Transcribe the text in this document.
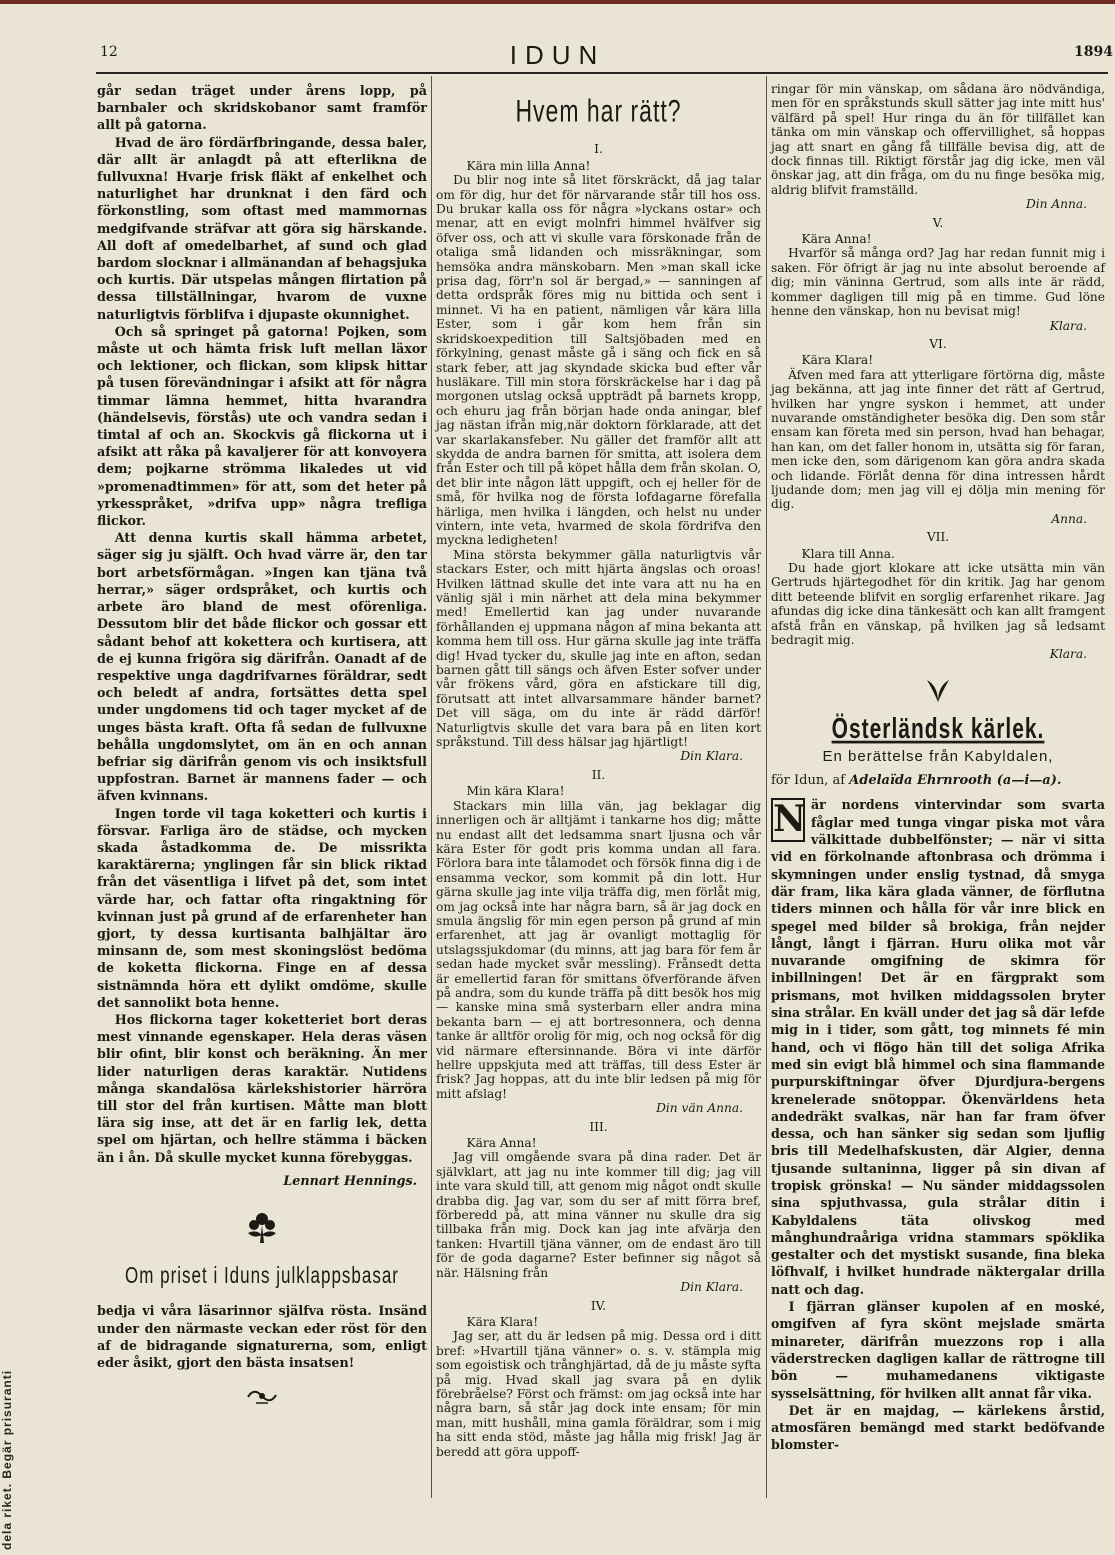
dela riket. Begär prisuranti
12	IDUN	1894

går sedan träget under årens lopp, på barnbaler och skridskobanor samt framför allt på gatorna.

Hvad de äro fördärfbringande, dessa baler, där allt är anlagdt på att efterlikna de fullvuxna! Hvarje frisk fläkt af enkelhet och naturlighet har drunknat i den färd och förkonstling, som oftast med mammornas medgifvande sträfvar att göra sig härskande. All doft af omedelbarhet, af sund och glad bardom slocknar i allmänandan af behagsjuka och kurtis. Där utspelas mången flirtation på dessa tillställningar, hvarom de vuxne naturligtvis förblifva i djupaste okunnighet.

Och så springet på gatorna! Pojken, som måste ut och hämta frisk luft mellan läxor och lektioner, och flickan, som klipsk hittar på tusen förevändningar i afsikt att för några timmar lämna hemmet, hitta hvarandra (händelsevis, förstås) ute och vandra sedan i timtal af och an. Skockvis gå flickorna ut i afsikt att råka på kavaljerer för att konvoyera dem; pojkarne strömma likaledes ut vid »promenadtimmen» för att, som det heter på yrkesspråket, »drifva upp» några trefliga flickor.

Att denna kurtis skall hämma arbetet, säger sig ju själft. Och hvad värre är, den tar bort arbetsförmågan. »Ingen kan tjäna två herrar,» säger ordspråket, och kurtis och arbete äro bland de mest oförenliga. Dessutom blir det både flickor och gossar ett sådant behof att kokettera och kurtisera, att de ej kunna frigöra sig därifrån. Oanadt af de respektive unga dagdrifvarnes föräldrar, sedt och beledt af andra, fortsättes detta spel under ungdomens tid och tager mycket af de unges bästa kraft. Ofta få sedan de fullvuxne behålla ungdomslytet, om än en och annan befriar sig därifrån genom vis och insiktsfull uppfostran. Barnet är mannens fader — och äfven kvinnans.

Ingen torde vil taga koketteri och kurtis i försvar. Farliga äro de städse, och mycken skada åstadkomma de. De missrikta karaktärerna; ynglingen får sin blick riktad från det väsentliga i lifvet på det, som intet värde har, och fattar ofta ringaktning för kvinnan just på grund af de erfarenheter han gjort, ty dessa kurtisanta balhjältar äro minsann de, som mest skoningslöst bedöma de koketta flickorna. Finge en af dessa sistnämnda höra ett dylikt omdöme, skulle det sannolikt bota henne.

Hos flickorna tager koketteriet bort deras mest vinnande egenskaper. Hela deras väsen blir ofint, blir konst och beräkning. Än mer lider naturligen deras karaktär. Nutidens många skandalösa kärlekshistorier härröra till stor del från kurtisen. Måtte man blott lära sig inse, att det är en farlig lek, detta spel om hjärtan, och hellre stämma i bäcken än i ån. Då skulle mycket kunna förebyggas.

Lennart Hennings.
Om priset i Iduns julklappsbasar

bedja vi våra läsarinnor själfva rösta. Insänd under den närmaste veckan eder röst för den af de bidragande signaturerna, som, enligt eder åsikt, gjort den bästa insatsen!

Hvem har rätt?
I.

Kära min lilla Anna!

Du blir nog inte så litet förskräckt, då jag talar om för dig, hur det för närvarande står till hos oss. Du brukar kalla oss för några »lyckans ostar» och menar, att en evigt molnfri himmel hvälfver sig öfver oss, och att vi skulle vara förskonade från de otaliga små lidanden och missräkningar, som hemsöka andra mänskobarn. Men »man skall icke prisa dag, förr'n sol är bergad,» — sanningen af detta ordspråk föres mig nu bittida och sent i minnet. Vi ha en patient, nämligen vår kära lilla Ester, som i går kom hem från sin skridskoexpedition till Saltsjöbaden med en förkylning, genast måste gå i säng och fick en så stark feber, att jag skyndade skicka bud efter vår husläkare. Till min stora förskräckelse har i dag på morgonen utslag också uppträdt på barnets kropp, och ehuru jag från början hade onda aningar, blef jag nästan ifrån mig,när doktorn förklarade, att det var skarlakansfeber. Nu gäller det framför allt att skydda de andra barnen för smitta, att isolera dem från Ester och till på köpet hålla dem från skolan. O, det blir inte någon lätt uppgift, och ej heller för de små, för hvilka nog de första lofdagarne förefalla härliga, men hvilka i längden, och helst nu under vintern, inte veta, hvarmed de skola fördrifva den myckna ledigheten!

Mina största bekymmer gälla naturligtvis vår stackars Ester, och mitt hjärta ängslas och oroas! Hvilken lättnad skulle det inte vara att nu ha en vänlig själ i min närhet att dela mina bekymmer med! Emellertid kan jag under nuvarande förhållanden ej uppmana någon af mina bekanta att komma hem till oss. Hur gärna skulle jag inte träffa dig! Hvad tycker du, skulle jag inte en afton, sedan barnen gått till sängs och äfven Ester sofver under vår frökens vård, göra en afstickare till dig, förutsatt att intet allvarsammare händer barnet? Det vill säga, om du inte är rädd därför! Naturligtvis skulle det vara bara på en liten kort språkstund. Till dess hälsar jag hjärtligt!

Din Klara.
II.

Min kära Klara!

Stackars min lilla vän, jag beklagar dig innerligen och är alltjämt i tankarne hos dig; måtte nu endast allt det ledsamma snart ljusna och vår kära Ester för godt pris komma undan all fara. Förlora bara inte tålamodet och försök finna dig i de ensamma veckor, som kommit på din lott. Hur gärna skulle jag inte vilja träffa dig, men förlåt mig, om jag också inte har några barn, så är jag dock en smula ängslig för min egen person på grund af min erfarenhet, att jag är ovanligt mottaglig för utslagssjukdomar (du minns, att jag bara för fem år sedan hade mycket svår messling). Frånsedt detta är emellertid faran för smittans öfverförande äfven på andra, som du kunde träffa på ditt besök hos mig — kanske mina små systerbarn eller andra mina bekanta barn — ej att bortresonnera, och denna tanke är alltför orolig för mig, och nog också för dig vid närmare eftersinnande. Böra vi inte därför hellre uppskjuta med att träffas, till dess Ester är frisk? Jag hoppas, att du inte blir ledsen på mig för mitt afslag!

Din vän Anna.
III.

Kära Anna!

Jag vill omgående svara på dina rader. Det är självklart, att jag nu inte kommer till dig; jag vill inte vara skuld till, att genom mig något ondt skulle drabba dig. Jag var, som du ser af mitt förra bref, förberedd på, att mina vänner nu skulle dra sig tillbaka från mig. Dock kan jag inte afvärja den tanken: Hvartill tjäna vänner, om de endast äro till för de goda dagarne? Ester befinner sig något så när. Hälsning från

Din Klara.
IV.

Kära Klara!

Jag ser, att du är ledsen på mig. Dessa ord i ditt bref: »Hvartill tjäna vänner» o. s. v. stämpla mig som egoistisk och trånghjärtad, då de ju måste syfta på mig. Hvad skall jag svara på en dylik förebråelse? Först och främst: om jag också inte har några barn, så står jag dock inte ensam; för min man, mitt hushåll, mina gamla föräldrar, som i mig ha sitt enda stöd, måste jag hålla mig frisk! Jag är beredd att göra uppoff-

ringar för min vänskap, om sådana äro nödvändiga, men för en språkstunds skull sätter jag inte mitt hus' välfärd på spel! Hur ringa du än för tillfället kan tänka om min vänskap och offervillighet, så hoppas jag att snart en gång få tillfälle bevisa dig, att de dock finnas till. Riktigt förstår jag dig icke, men väl önskar jag, att din fråga, om du nu finge besöka mig, aldrig blifvit framställd.

Din Anna.
V.

Kära Anna!

Hvarför så många ord? Jag har redan funnit mig i saken. För öfrigt är jag nu inte absolut beroende af dig; min väninna Gertrud, som alls inte är rädd, kommer dagligen till mig på en timme. Gud löne henne den vänskap, hon nu bevisat mig!

Klara.
VI.

Kära Klara!

Äfven med fara att ytterligare förtörna dig, måste jag bekänna, att jag inte finner det rätt af Gertrud, hvilken har yngre syskon i hemmet, att under nuvarande omständigheter besöka dig. Den som står ensam kan företa med sin person, hvad han behagar, han kan, om det faller honom in, utsätta sig för faran, men icke den, som därigenom kan göra andra skada och lidande. Förlåt denna för dina intressen hårdt ljudande dom; men jag vill ej dölja min mening för dig.

Anna.
VII.

Klara till Anna.

Du hade gjort klokare att icke utsätta min vän Gertruds hjärtegodhet för din kritik. Jag har genom ditt beteende blifvit en sorglig erfarenhet rikare. Jag afundas dig icke dina tänkesätt och kan allt framgent afstå från en vänskap, på hvilken jag så ledsamt bedragit mig.

Klara.
Österländsk kärlek.
En berättelse från Kabyldalen,
för Idun, af Adelaïda Ehrnrooth (a—i—a).

N är nordens vintervindar som svarta fåglar med tunga vingar piska mot våra välkittade dubbelfönster; — när vi sitta vid en förkolnande aftonbrasa och drömma i skymningen under enslig tystnad, då smyga där fram, lika kära glada vänner, de förflutna tiders minnen och hålla för vår inre blick en spegel med bilder så brokiga, från nejder långt, långt i fjärran. Huru olika mot vår nuvarande omgifning de skimra för inbillningen! Det är en färgprakt som prismans, mot hvilken middagssolen bryter sina strålar. En kväll under det jag så där lefde mig in i tider, som gått, tog minnets fé min hand, och vi flögo hän till det soliga Afrika med sin evigt blå himmel och sina flammande purpurskiftningar öfver Djurdjura-bergens krenelerade snötoppar. Ökenvärldens heta andedräkt svalkas, när han far fram öfver dessa, och han sänker sig sedan som ljuflig bris till Medelhafskusten, där Algier, denna tjusande sultaninna, ligger på sin divan af tropisk grönska! — Nu sänder middagssolen sina spjuthvassa, gula strålar ditin i Kabyldalens täta olivskog med månghundraåriga vridna stammars spöklika gestalter och det mystiskt susande, fina bleka löfhvalf, i hvilket hundrade näktergalar drilla natt och dag.

I fjärran glänser kupolen af en moské, omgifven af fyra skönt mejslade smärta minareter, därifrån muezzons rop i alla väderstrecken dagligen kallar de rättrogne till bön — muhamedanens viktigaste sysselsättning, för hvilken allt annat får vika.

Det är en majdag, — kärlekens årstid, atmosfären bemängd med starkt bedöfvande blomster-
